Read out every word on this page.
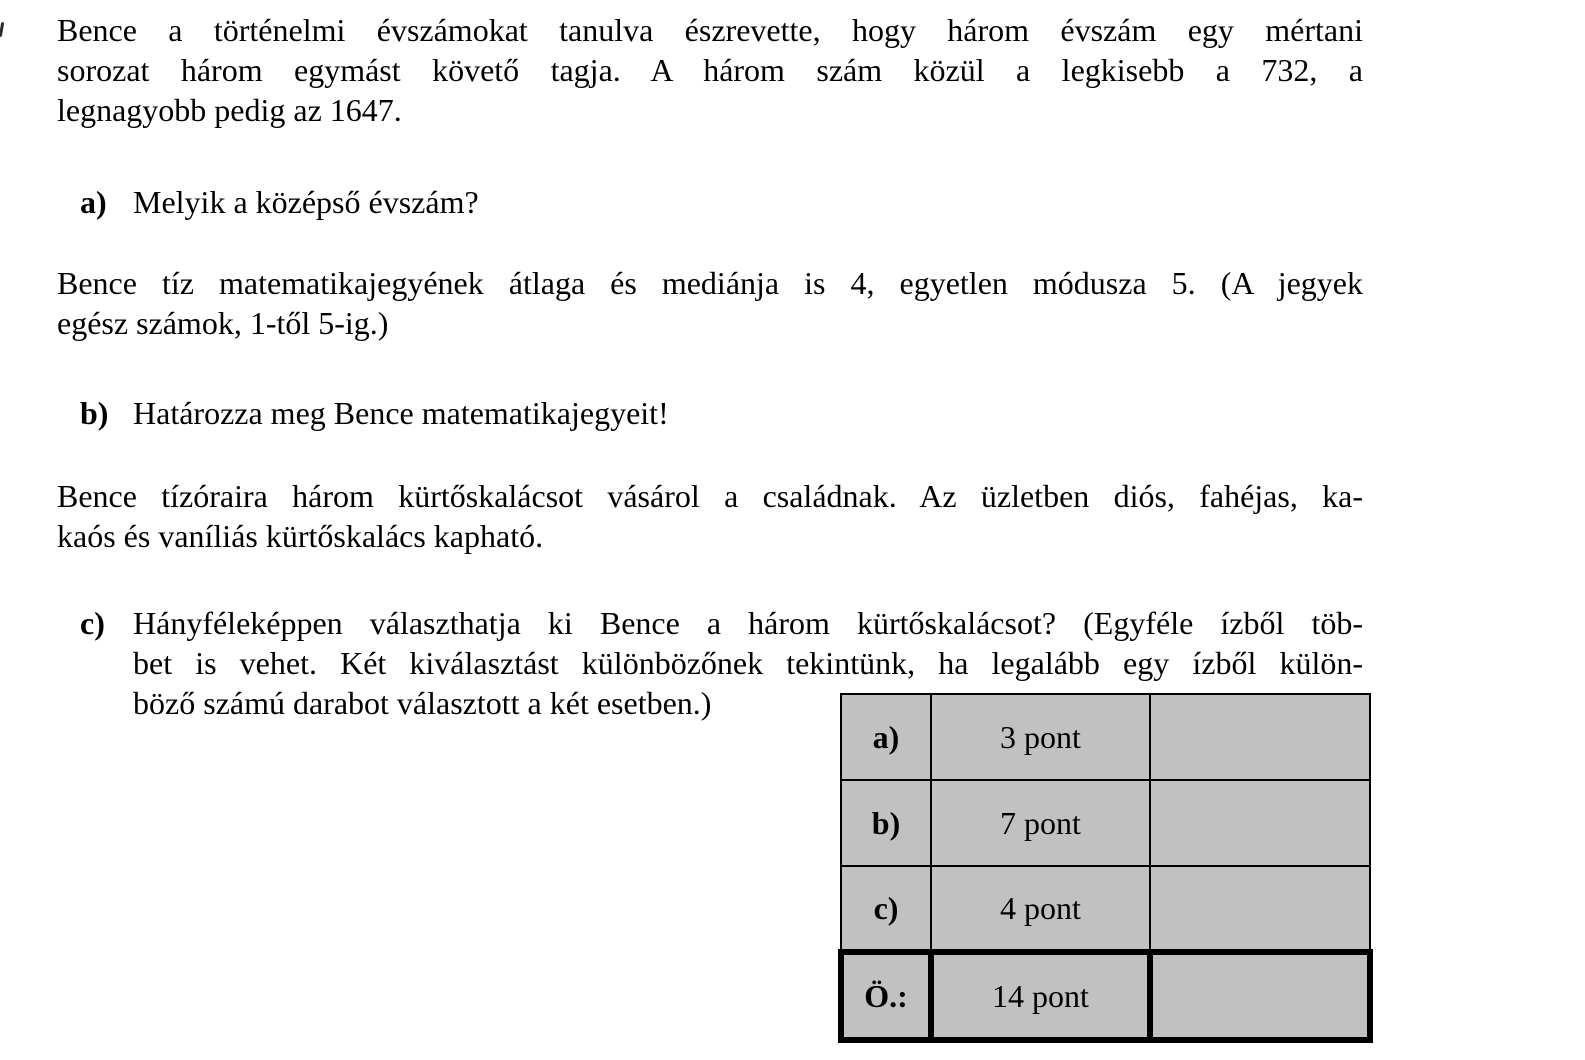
Bence a történelmi évszámokat tanulva észrevette, hogy három évszám egy mértani
sorozat három egymást követő tagja. A három szám közül a legkisebb a 732, a
legnagyobb pedig az 1647.
a) Melyik a középső évszám?
Bence tíz matematikajegyének átlaga és mediánja is 4, egyetlen módusza 5. (A jegyek
egész számok, 1-től 5-ig.)
b) Határozza meg Bence matematikajegyeit!
Bence tízóraira három kürtőskalácsot vásárol a családnak. Az üzletben diós, fahéjas, ka-
kaós és vaníliás kürtőskalács kapható.
c) Hányféleképpen választhatja ki Bence a három kürtőskalácsot? (Egyféle ízből töb-
bet is vehet. Két kiválasztást különbözőnek tekintünk, ha legalább egy ízből külön-
böző számú darabot választott a két esetben.)
a)	3 pont	
b)	7 pont	
c)	4 pont	
Ö.:	14 pont	
